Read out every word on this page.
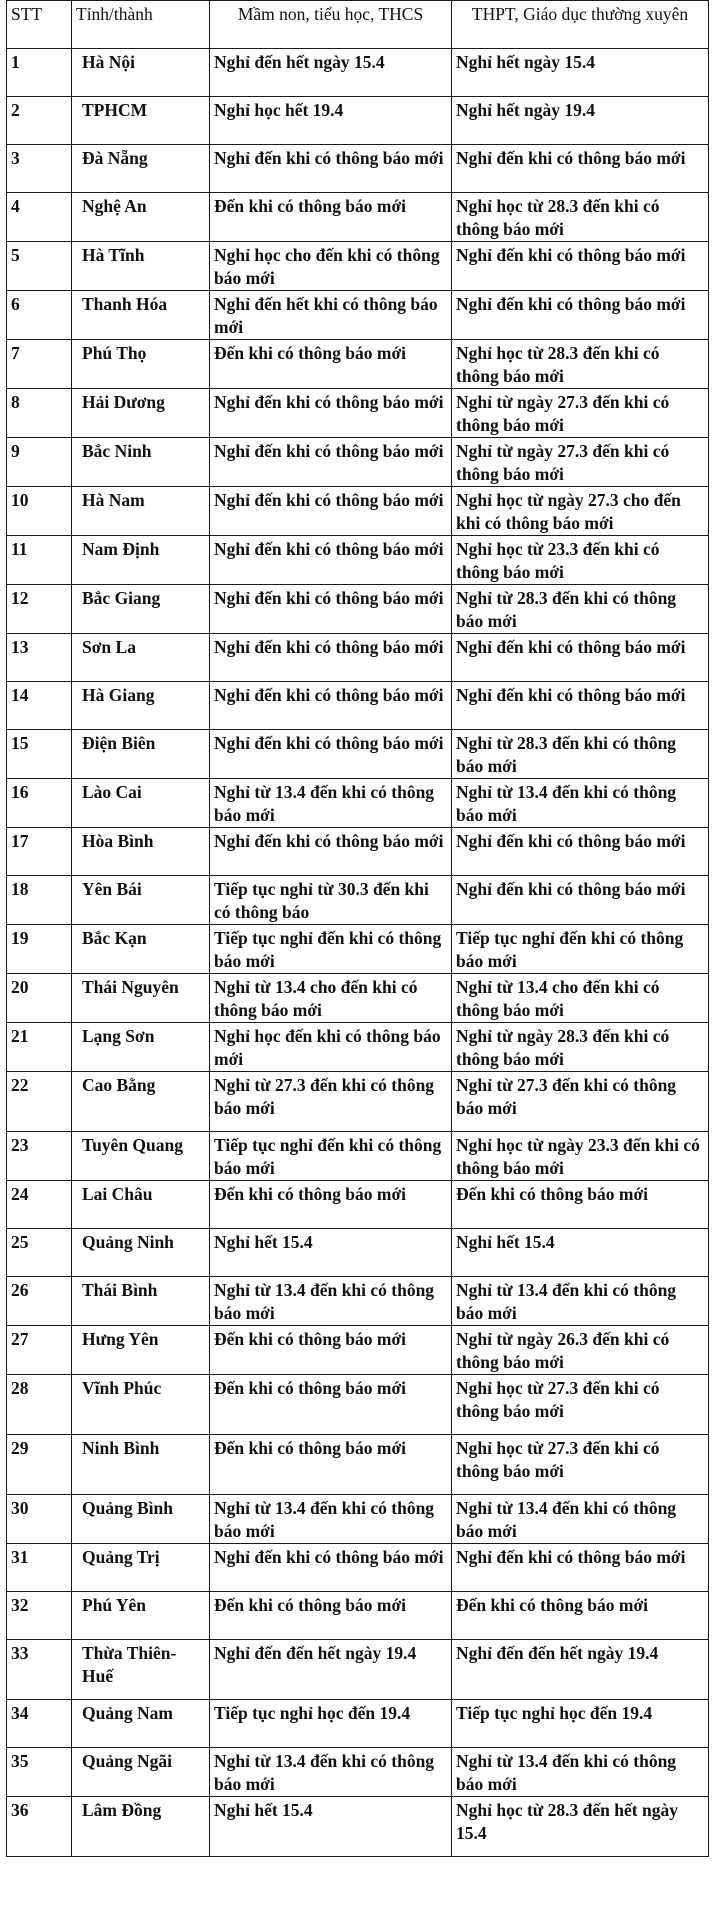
STT	Tỉnh/thành	Mầm non, tiểu học, THCS	THPT, Giáo dục thường xuyên
1	Hà Nội	Nghỉ đến hết ngày 15.4	Nghỉ hết ngày 15.4
2	TPHCM	Nghỉ học hết 19.4	Nghỉ hết ngày 19.4
3	Đà Nẵng	Nghỉ đến khi có thông báo mới	Nghỉ đến khi có thông báo mới
4	Nghệ An	Đến khi có thông báo mới	Nghỉ học từ 28.3 đến khi có thông báo mới
5	Hà Tĩnh	Nghỉ học cho đến khi có thông báo mới	Nghỉ đến khi có thông báo mới
6	Thanh Hóa	Nghỉ đến hết khi có thông báo mới	Nghỉ đến khi có thông báo mới
7	Phú Thọ	Đến khi có thông báo mới	Nghỉ học từ 28.3 đến khi có thông báo mới
8	Hải Dương	Nghỉ đến khi có thông báo mới	Nghỉ từ ngày 27.3 đến khi có thông báo mới
9	Bắc Ninh	Nghỉ đến khi có thông báo mới	Nghỉ từ ngày 27.3 đến khi có thông báo mới
10	Hà Nam	Nghỉ đến khi có thông báo mới	Nghỉ học từ ngày 27.3 cho đến khi có thông báo mới
11	Nam Định	Nghỉ đến khi có thông báo mới	Nghỉ học từ 23.3 đến khi có thông báo mới
12	Bắc Giang	Nghỉ đến khi có thông báo mới	Nghỉ từ 28.3 đến khi có thông báo mới
13	Sơn La	Nghỉ đến khi có thông báo mới	Nghỉ đến khi có thông báo mới
14	Hà Giang	Nghỉ đến khi có thông báo mới	Nghỉ đến khi có thông báo mới
15	Điện Biên	Nghỉ đến khi có thông báo mới	Nghỉ từ 28.3 đến khi có thông báo mới
16	Lào Cai	Nghỉ từ 13.4 đến khi có thông báo mới	Nghỉ từ 13.4 đến khi có thông báo mới
17	Hòa Bình	Nghỉ đến khi có thông báo mới	Nghỉ đến khi có thông báo mới
18	Yên Bái	Tiếp tục nghỉ từ 30.3 đến khi có thông báo	Nghỉ đến khi có thông báo mới
19	Bắc Kạn	Tiếp tục nghỉ đến khi có thông báo mới	Tiếp tục nghỉ đến khi có thông báo mới
20	Thái Nguyên	Nghỉ từ 13.4 cho đến khi có thông báo mới	Nghỉ từ 13.4 cho đến khi có thông báo mới
21	Lạng Sơn	Nghỉ học đến khi có thông báo mới	Nghỉ từ ngày 28.3 đến khi có thông báo mới
22	Cao Bằng	Nghỉ từ 27.3 đến khi có thông báo mới	Nghỉ từ 27.3 đến khi có thông báo mới
23	Tuyên Quang	Tiếp tục nghỉ đến khi có thông báo mới	Nghỉ học từ ngày 23.3 đến khi có thông báo mới
24	Lai Châu	Đến khi có thông báo mới	Đến khi có thông báo mới
25	Quảng Ninh	Nghỉ hết 15.4	Nghỉ hết 15.4
26	Thái Bình	Nghỉ từ 13.4 đến khi có thông báo mới	Nghỉ từ 13.4 đến khi có thông báo mới
27	Hưng Yên	Đến khi có thông báo mới	Nghỉ từ ngày 26.3 đến khi có thông báo mới
28	Vĩnh Phúc	Đến khi có thông báo mới	Nghỉ học từ 27.3 đến khi có thông báo mới
29	Ninh Bình	Đến khi có thông báo mới	Nghỉ học từ 27.3 đến khi có thông báo mới
30	Quảng Bình	Nghỉ từ 13.4 đến khi có thông báo mới	Nghỉ từ 13.4 đến khi có thông báo mới
31	Quảng Trị	Nghỉ đến khi có thông báo mới	Nghỉ đến khi có thông báo mới
32	Phú Yên	Đến khi có thông báo mới	Đến khi có thông báo mới
33	Thừa Thiên-Huế	Nghỉ đến đến hết ngày 19.4	Nghỉ đến đến hết ngày 19.4
34	Quảng Nam	Tiếp tục nghỉ học đến 19.4	Tiếp tục nghỉ học đến 19.4
35	Quảng Ngãi	Nghỉ từ 13.4 đến khi có thông báo mới	Nghỉ từ 13.4 đến khi có thông báo mới
36	Lâm Đồng	Nghỉ hết 15.4	Nghỉ học từ 28.3 đến hết ngày 15.4
